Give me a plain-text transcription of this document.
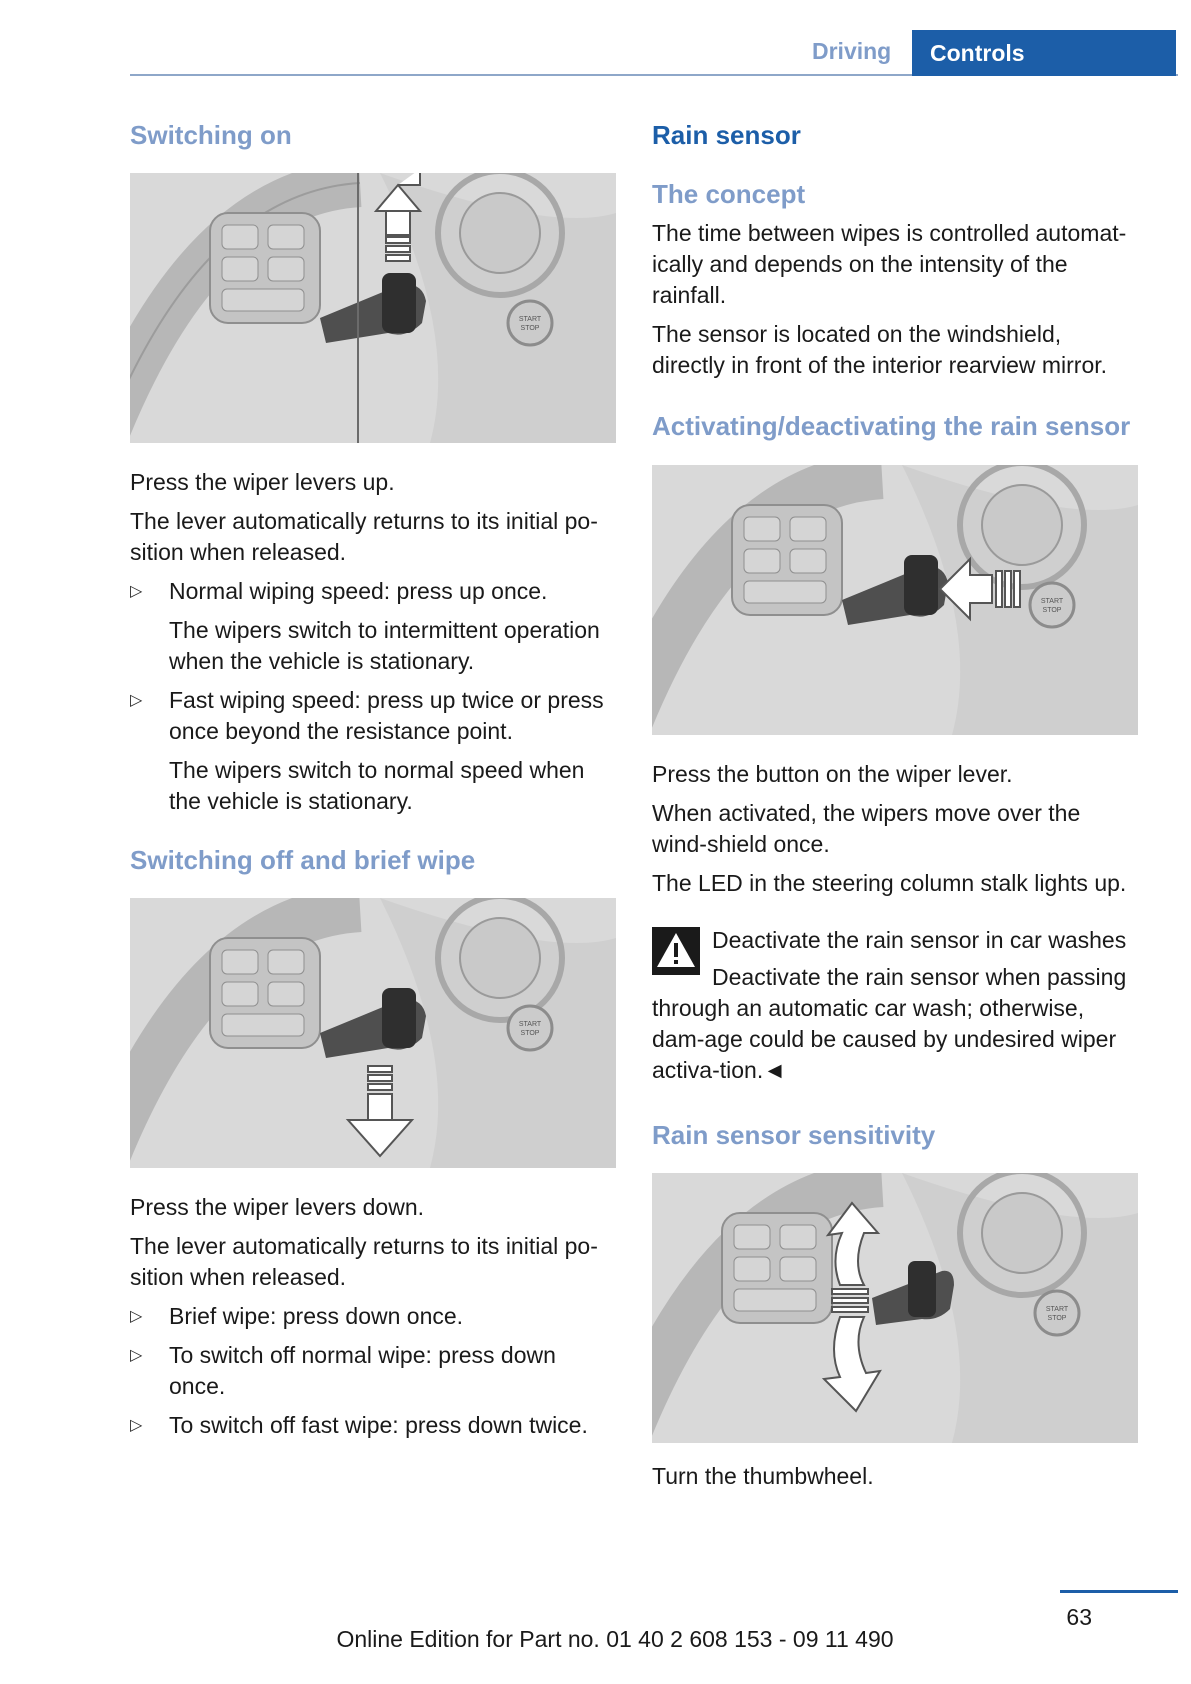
Driving	Controls
Switching on
START
STOP

Press the wiper levers up.

The lever automatically returns to its initial po-sition when released.

▷	Normal wiping speed: press up once.

The wipers switch to intermittent operation when the vehicle is stationary.

▷	Fast wiping speed: press up twice or press once beyond the resistance point.

The wipers switch to normal speed when the vehicle is stationary.

Switching off and brief wipe
START
STOP

Press the wiper levers down.

The lever automatically returns to its initial po-sition when released.

▷	Brief wipe: press down once.

▷	To switch off normal wipe: press down once.

▷	To switch off fast wipe: press down twice.

Rain sensor
The concept

The time between wipes is controlled automat-ically and depends on the intensity of the rainfall.

The sensor is located on the windshield, directly in front of the interior rearview mirror.

Activating/deactivating the rain sensor
START
STOP

Press the button on the wiper lever.

When activated, the wipers move over the wind-shield once.

The LED in the steering column stalk lights up.

Deactivate the rain sensor in car washes

Deactivate the rain sensor when passing through an automatic car wash; otherwise, dam-age could be caused by undesired wiper activa-tion.◄

Rain sensor sensitivity
START
STOP

Turn the thumbwheel.

63
Online Edition for Part no. 01 40 2 608 153 - 09 11 490
